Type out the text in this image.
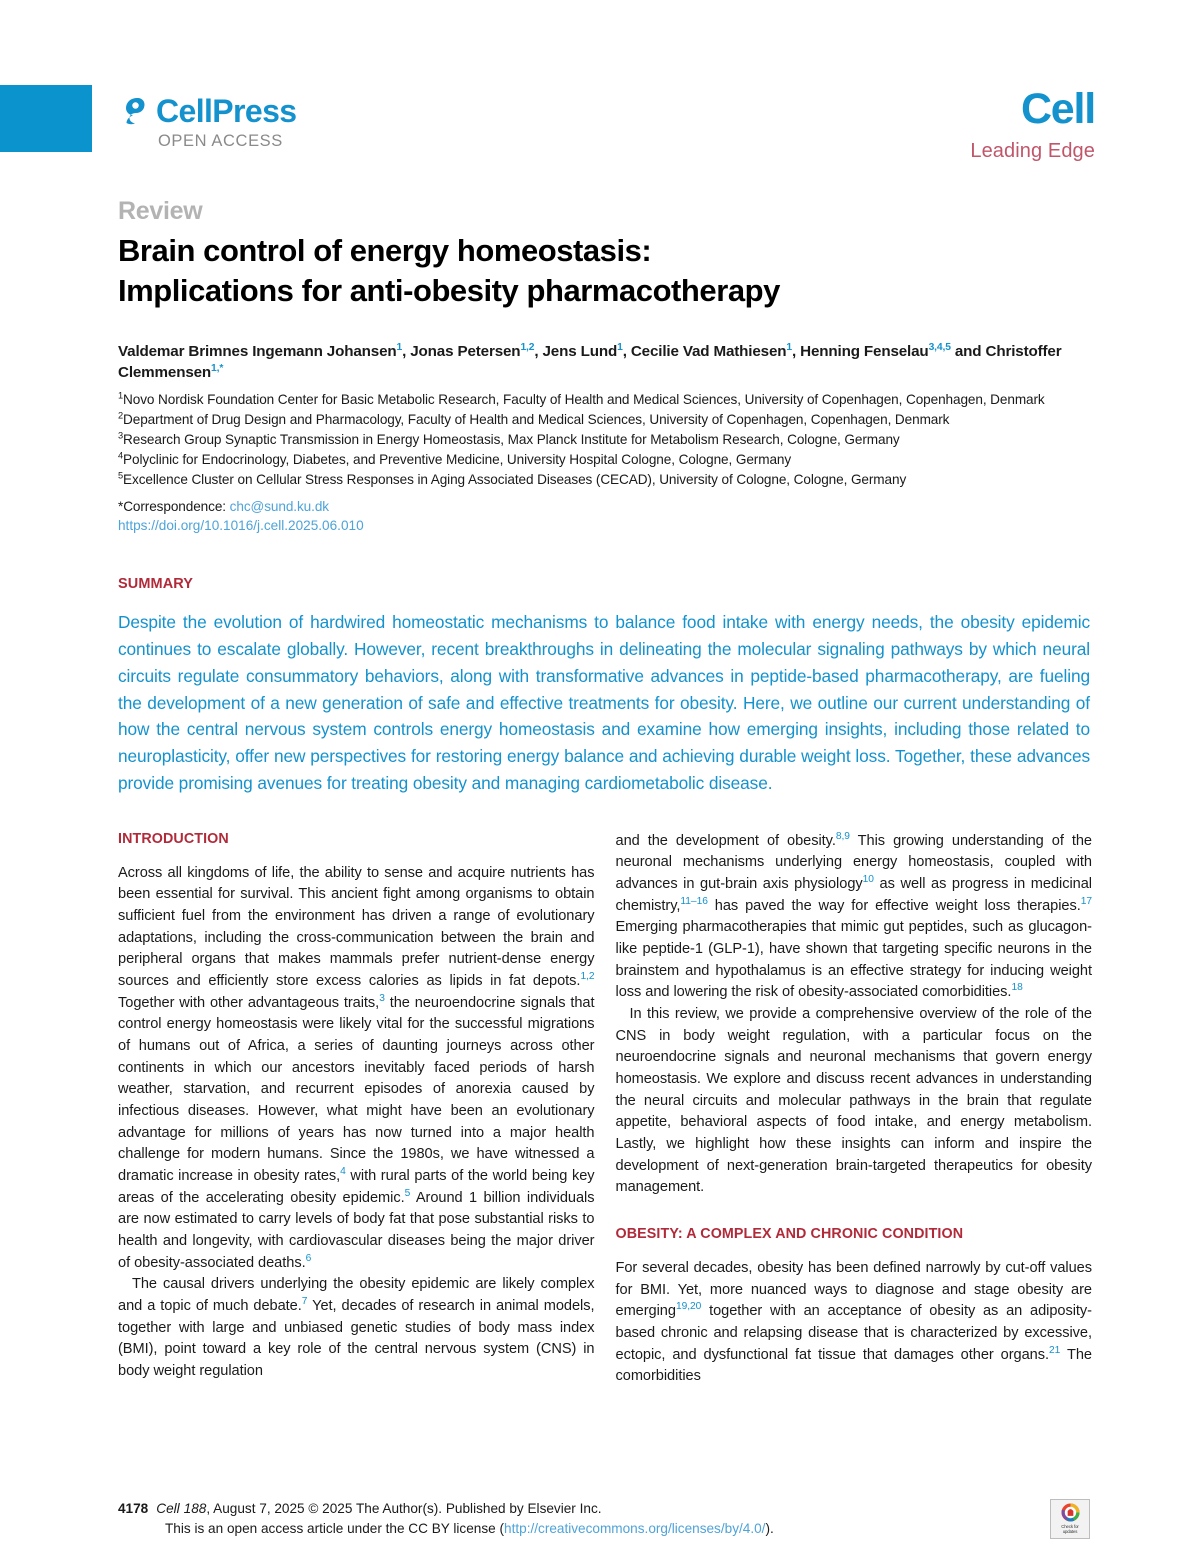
CellPress
OPEN ACCESS
Cell
Leading Edge
Review
Brain control of energy homeostasis:
Implications for anti-obesity pharmacotherapy
Valdemar Brimnes Ingemann Johansen$^1$, Jonas Petersen$^{1,2}$, Jens Lund$^1$, Cecilie Vad Mathiesen$^1$, Henning Fenselau$^{3,4,5}$ and Christoffer Clemmensen$^{1,*}$
$^1$Novo Nordisk Foundation Center for Basic Metabolic Research, Faculty of Health and Medical Sciences, University of Copenhagen, Copenhagen, Denmark
$^2$Department of Drug Design and Pharmacology, Faculty of Health and Medical Sciences, University of Copenhagen, Copenhagen, Denmark
$^3$Research Group Synaptic Transmission in Energy Homeostasis, Max Planck Institute for Metabolism Research, Cologne, Germany
$^4$Polyclinic for Endocrinology, Diabetes, and Preventive Medicine, University Hospital Cologne, Cologne, Germany
$^5$Excellence Cluster on Cellular Stress Responses in Aging Associated Diseases (CECAD), University of Cologne, Cologne, Germany
*Correspondence: chc@sund.ku.dk
https://doi.org/10.1016/j.cell.2025.06.010
SUMMARY
Despite the evolution of hardwired homeostatic mechanisms to balance food intake with energy needs, the obesity epidemic continues to escalate globally. However, recent breakthroughs in delineating the molecular signaling pathways by which neural circuits regulate consummatory behaviors, along with transformative advances in peptide-based pharmacotherapy, are fueling the development of a new generation of safe and effective treatments for obesity. Here, we outline our current understanding of how the central nervous system controls energy homeostasis and examine how emerging insights, including those related to neuroplasticity, offer new perspectives for restoring energy balance and achieving durable weight loss. Together, these advances provide promising avenues for treating obesity and managing cardiometabolic disease.
INTRODUCTION

Across all kingdoms of life, the ability to sense and acquire nutrients has been essential for survival. This ancient fight among organisms to obtain sufficient fuel from the environment has driven a range of evolutionary adaptations, including the cross-communication between the brain and peripheral organs that makes mammals prefer nutrient-dense energy sources and efficiently store excess calories as lipids in fat depots.$^{1,2}$ Together with other advantageous traits,$^3$ the neuroendocrine signals that control energy homeostasis were likely vital for the successful migrations of humans out of Africa, a series of daunting journeys across other continents in which our ancestors inevitably faced periods of harsh weather, starvation, and recurrent episodes of anorexia caused by infectious diseases. However, what might have been an evolutionary advantage for millions of years has now turned into a major health challenge for modern humans. Since the 1980s, we have witnessed a dramatic increase in obesity rates,$^4$ with rural parts of the world being key areas of the accelerating obesity epidemic.$^5$ Around 1 billion individuals are now estimated to carry levels of body fat that pose substantial risks to health and longevity, with cardiovascular diseases being the major driver of obesity-associated deaths.$^6$

The causal drivers underlying the obesity epidemic are likely complex and a topic of much debate.$^7$ Yet, decades of research in animal models, together with large and unbiased genetic studies of body mass index (BMI), point toward a key role of the central nervous system (CNS) in body weight regulation

and the development of obesity.$^{8,9}$ This growing understanding of the neuronal mechanisms underlying energy homeostasis, coupled with advances in gut-brain axis physiology$^{10}$ as well as progress in medicinal chemistry,$^{11-16}$ has paved the way for effective weight loss therapies.$^{17}$ Emerging pharmacotherapies that mimic gut peptides, such as glucagon-like peptide-1 (GLP-1), have shown that targeting specific neurons in the brainstem and hypothalamus is an effective strategy for inducing weight loss and lowering the risk of obesity-associated comorbidities.$^{18}$

In this review, we provide a comprehensive overview of the role of the CNS in body weight regulation, with a particular focus on the neuroendocrine signals and neuronal mechanisms that govern energy homeostasis. We explore and discuss recent advances in understanding the neural circuits and molecular pathways in the brain that regulate appetite, behavioral aspects of food intake, and energy metabolism. Lastly, we highlight how these insights can inform and inspire the development of next-generation brain-targeted therapeutics for obesity management.

OBESITY: A COMPLEX AND CHRONIC CONDITION

For several decades, obesity has been defined narrowly by cut-off values for BMI. Yet, more nuanced ways to diagnose and stage obesity are emerging$^{19,20}$ together with an acceptance of obesity as an adiposity-based chronic and relapsing disease that is characterized by excessive, ectopic, and dysfunctional fat tissue that damages other organs.$^{21}$ The comorbidities

4178 Cell 188, August 7, 2025 © 2025 The Author(s). Published by Elsevier Inc.
This is an open access article under the CC BY license (http://creativecommons.org/licenses/by/4.0/).	Check for
updates
